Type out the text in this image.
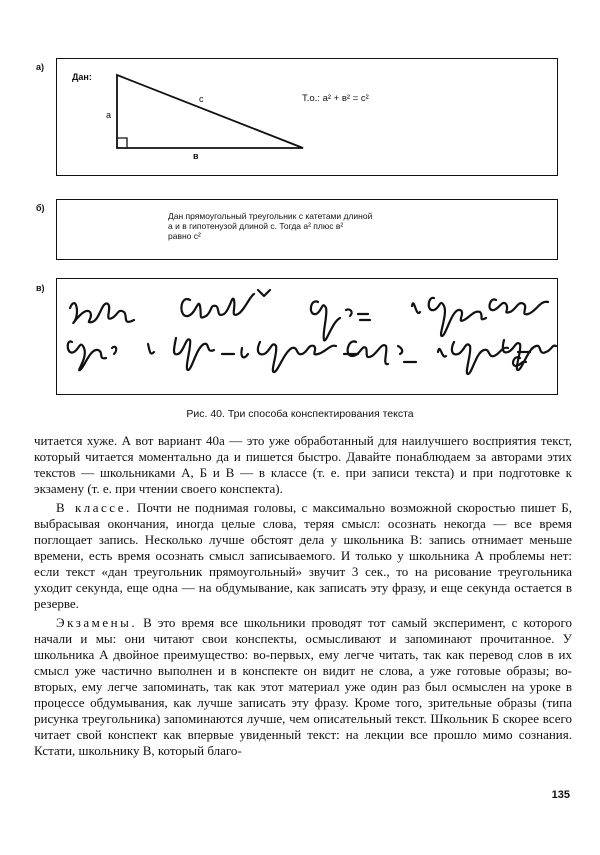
а)
Дан:
а
с
в
Т.о.: a² + в² = c²
б)
Дан прямоугольный треугольник с катетами длиной
a и в гипотенузой длиной с. Тогда a² плюс в²
равно c²
в)
Рис. 40. Три способа конспектирования текста

читается хуже. А вот вариант 40а — это уже обработанный для наилучшего восприятия текст, который читается моментально да и пишется быстро. Давайте понаблюдаем за авторами этих текстов — школьниками А, Б и В — в классе (т. е. при записи текста) и при подготовке к экзамену (т. е. при чтении своего конспекта).

В классе. Почти не поднимая головы, с максимально возможной скоростью пишет Б, выбрасывая окончания, иногда целые слова, теряя смысл: осознать некогда — все время поглощает запись. Несколько лучше обстоят дела у школьника В: запись отнимает меньше времени, есть время осознать смысл записываемого. И только у школьника А проблемы нет: если текст «дан треугольник прямоугольный» звучит 3 сек., то на рисование треугольника уходит секунда, еще одна — на обдумывание, как записать эту фразу, и еще секунда остается в резерве.

Экзамены. В это время все школьники проводят тот самый эксперимент, с которого начали и мы: они читают свои конспекты, осмысливают и запоминают прочитанное. У школьника А двойное преимущество: во-первых, ему легче читать, так как перевод слов в их смысл уже частично выполнен и в конспекте он видит не слова, а уже готовые образы; во-вторых, ему легче запоминать, так как этот материал уже один раз был осмыслен на уроке в процессе обдумывания, как лучше записать эту фразу. Кроме того, зрительные образы (типа рисунка треугольника) запоминаются лучше, чем описательный текст. Школьник Б скорее всего читает свой конспект как впервые увиденный текст: на лекции все прошло мимо сознания. Кстати, школьнику В, который благо-

135
